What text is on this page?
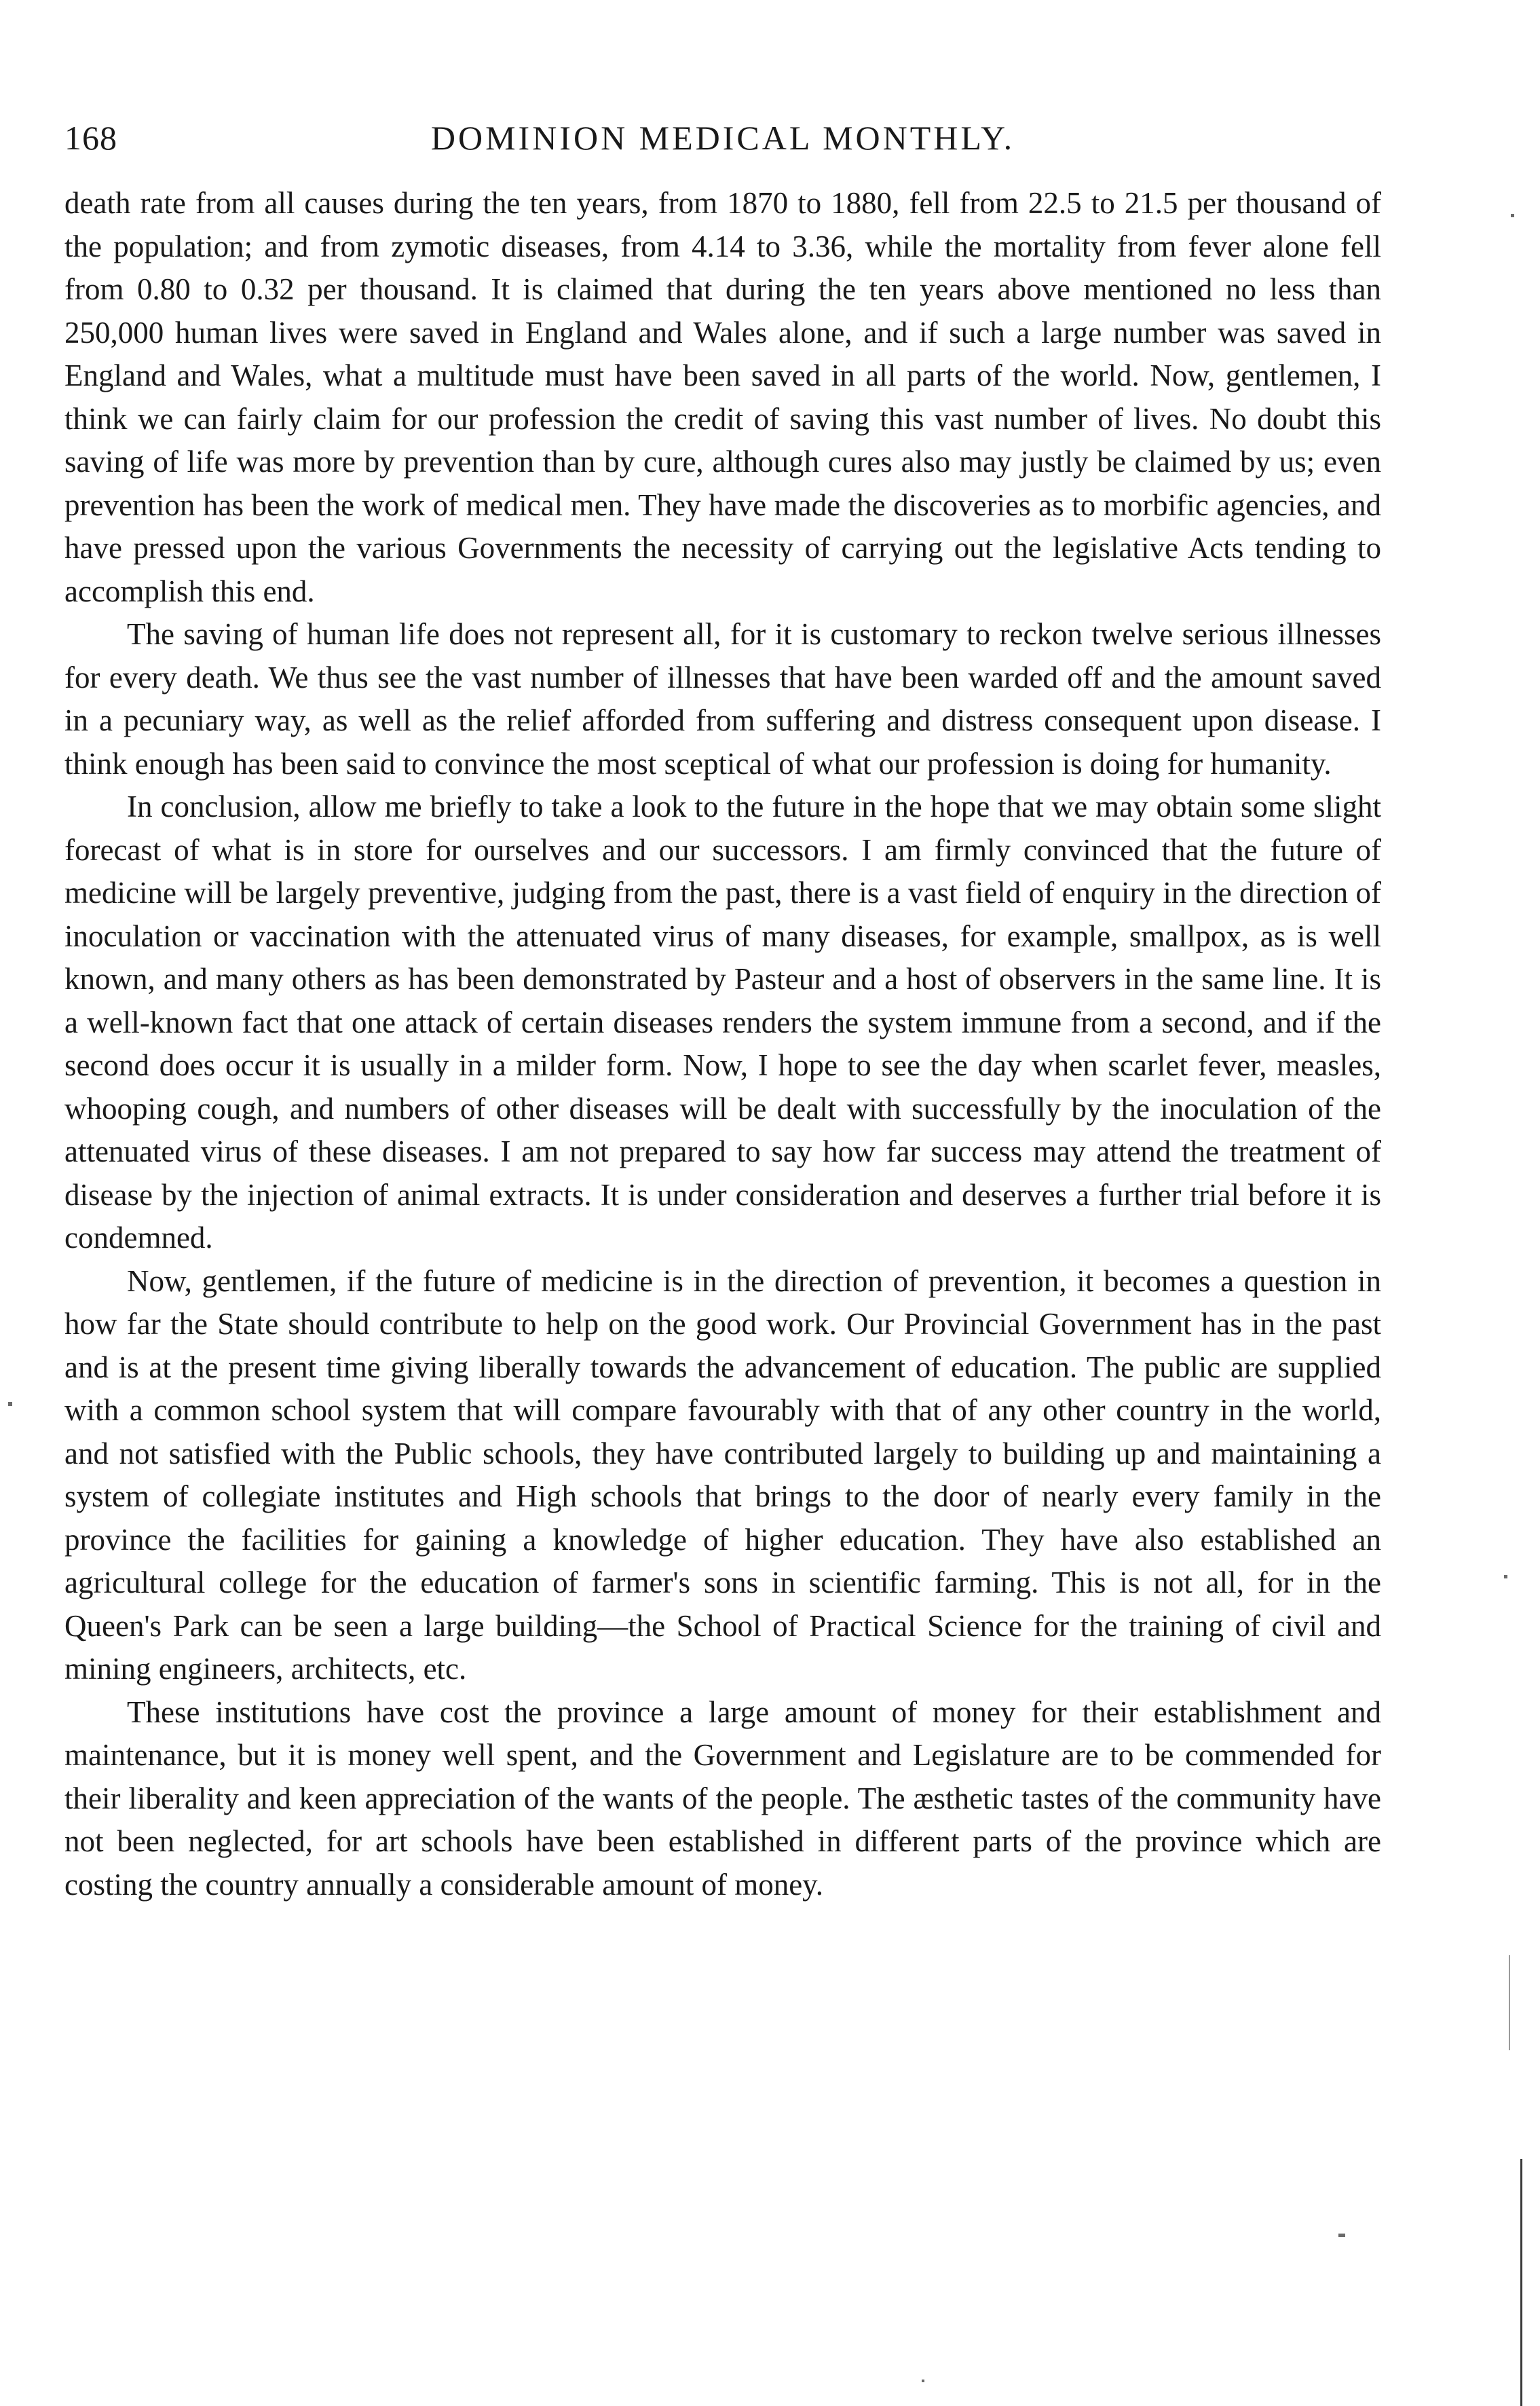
168	DOMINION MEDICAL MONTHLY.

death rate from all causes during the ten years, from 1870 to 1880, fell from 22.5 to 21.5 per thousand of the population; and from zymotic diseases, from 4.14 to 3.36, while the mortality from fever alone fell from 0.80 to 0.32 per thousand. It is claimed that during the ten years above mentioned no less than 250,000 human lives were saved in England and Wales alone, and if such a large number was saved in England and Wales, what a multitude must have been saved in all parts of the world. Now, gentlemen, I think we can fairly claim for our profession the credit of saving this vast number of lives. No doubt this saving of life was more by prevention than by cure, although cures also may justly be claimed by us; even prevention has been the work of medical men. They have made the discoveries as to morbific agencies, and have pressed upon the various Governments the necessity of carrying out the legislative Acts tending to accomplish this end.

The saving of human life does not represent all, for it is customary to reckon twelve serious illnesses for every death. We thus see the vast number of illnesses that have been warded off and the amount saved in a pecuniary way, as well as the relief afforded from suffering and distress consequent upon disease. I think enough has been said to convince the most sceptical of what our profession is doing for humanity.

In conclusion, allow me briefly to take a look to the future in the hope that we may obtain some slight forecast of what is in store for ourselves and our successors. I am firmly convinced that the future of medicine will be largely preventive, judging from the past, there is a vast field of enquiry in the direction of inoculation or vaccination with the attenuated virus of many diseases, for example, smallpox, as is well known, and many others as has been demonstrated by Pasteur and a host of observers in the same line. It is a well-known fact that one attack of certain diseases renders the system immune from a second, and if the second does occur it is usually in a milder form. Now, I hope to see the day when scarlet fever, measles, whooping cough, and numbers of other diseases will be dealt with successfully by the inoculation of the attenuated virus of these diseases. I am not prepared to say how far success may attend the treatment of disease by the injection of animal extracts. It is under consideration and deserves a further trial before it is condemned.

Now, gentlemen, if the future of medicine is in the direction of prevention, it becomes a question in how far the State should contribute to help on the good work. Our Provincial Government has in the past and is at the present time giving liberally towards the advancement of education. The public are supplied with a common school system that will compare favourably with that of any other country in the world, and not satisfied with the Public schools, they have contributed largely to building up and maintaining a system of collegiate institutes and High schools that brings to the door of nearly every family in the province the facilities for gaining a knowledge of higher education. They have also established an agricultural college for the education of farmer's sons in scientific farming. This is not all, for in the Queen's Park can be seen a large building—the School of Practical Science for the training of civil and mining engineers, architects, etc.

These institutions have cost the province a large amount of money for their establishment and maintenance, but it is money well spent, and the Government and Legislature are to be commended for their liberality and keen appreciation of the wants of the people. The æsthetic tastes of the community have not been neglected, for art schools have been established in different parts of the province which are costing the country annually a considerable amount of money.
